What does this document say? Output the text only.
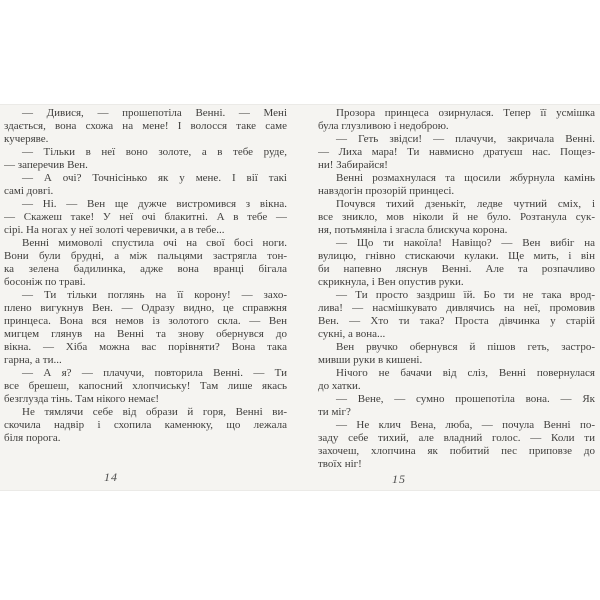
— Дивися, — прошепотіла Венні. — Мені
здається, вона схожа на мене! І волосся таке саме
кучеряве.
— Тільки в неї воно золоте, а в тебе руде,
— заперечив Вен.
— А очі? Точнісінько як у мене. І вії такі
самі довгі.
— Ні. — Вен ще дужче вистромився з вікна.
— Скажеш таке! У неї очі блакитні. А в тебе —
сірі. На ногах у неї золоті черевички, а в тебе...
Венні мимоволі спустила очі на свої босі ноги.
Вони були брудні, а між пальцями застрягла тон-
ка зелена бадилинка, адже вона вранці бігала
босоніж по траві.
— Ти тільки поглянь на її корону! — захо-
плено вигукнув Вен. — Одразу видно, це справжня
принцеса. Вона вся немов із золотого скла. — Вен
мигцем глянув на Венні та знову обернувся до
вікна. — Хіба можна вас порівняти? Вона така
гарна, а ти...
— А я? — плачучи, повторила Венні. — Ти
все брешеш, капосний хлопчиську! Там лише якась
безглузда тінь. Там нікого немає!
Не тямлячи себе від образи й горя, Венні ви-
скочила надвір і схопила каменюку, що лежала
біля порога.
14
Прозора принцеса озирнулася. Тепер її усмішка
була глузливою і недоброю.
— Геть звідси! — плачучи, закричала Венні.
— Лиха мара! Ти навмисно дратуєш нас. Пощез-
ни! Забирайся!
Венні розмахнулася та щосили жбурнула камінь
навздогін прозорій принцесі.
Почувся тихий дзенькіт, ледве чутний сміх, і
все зникло, мов ніколи й не було. Розтанула сук-
ня, потьмяніла і згасла блискуча корона.
— Що ти накоїла! Навіщо? — Вен вибіг на
вулицю, гнівно стискаючи кулаки. Ще мить, і він
би напевно ляснув Венні. Але та розпачливо
скрикнула, і Вен опустив руки.
— Ти просто заздриш їй. Бо ти не така врод-
лива! — насмішкувато дивлячись на неї, промовив
Вен. — Хто ти така? Проста дівчинка у старій
сукні, а вона...
Вен рвучко обернувся й пішов геть, застро-
мивши руки в кишені.
Нічого не бачачи від сліз, Венні повернулася
до хатки.
— Вене, — сумно прошепотіла вона. — Як
ти міг?
— Не клич Вена, люба, — почула Венні по-
заду себе тихий, але владний голос. — Коли ти
захочеш, хлопчина як побитий пес приповзе до
твоїх ніг!
15
